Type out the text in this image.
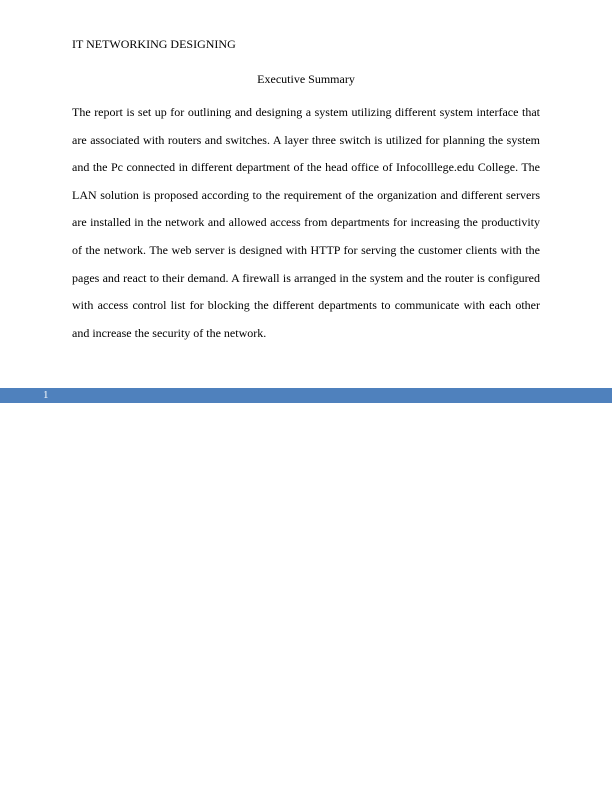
IT NETWORKING DESIGNING
Executive Summary

The report is set up for outlining and designing a system utilizing different system interface that are associated with routers and switches. A layer three switch is utilized for planning the system and the Pc connected in different department of the head office of Infocolllege.edu College. The LAN solution is proposed according to the requirement of the organization and different servers are installed in the network and allowed access from departments for increasing the productivity of the network. The web server is designed with HTTP for serving the customer clients with the pages and react to their demand. A firewall is arranged in the system and the router is configured with access control list for blocking the different departments to communicate with each other and increase the security of the network.

1
